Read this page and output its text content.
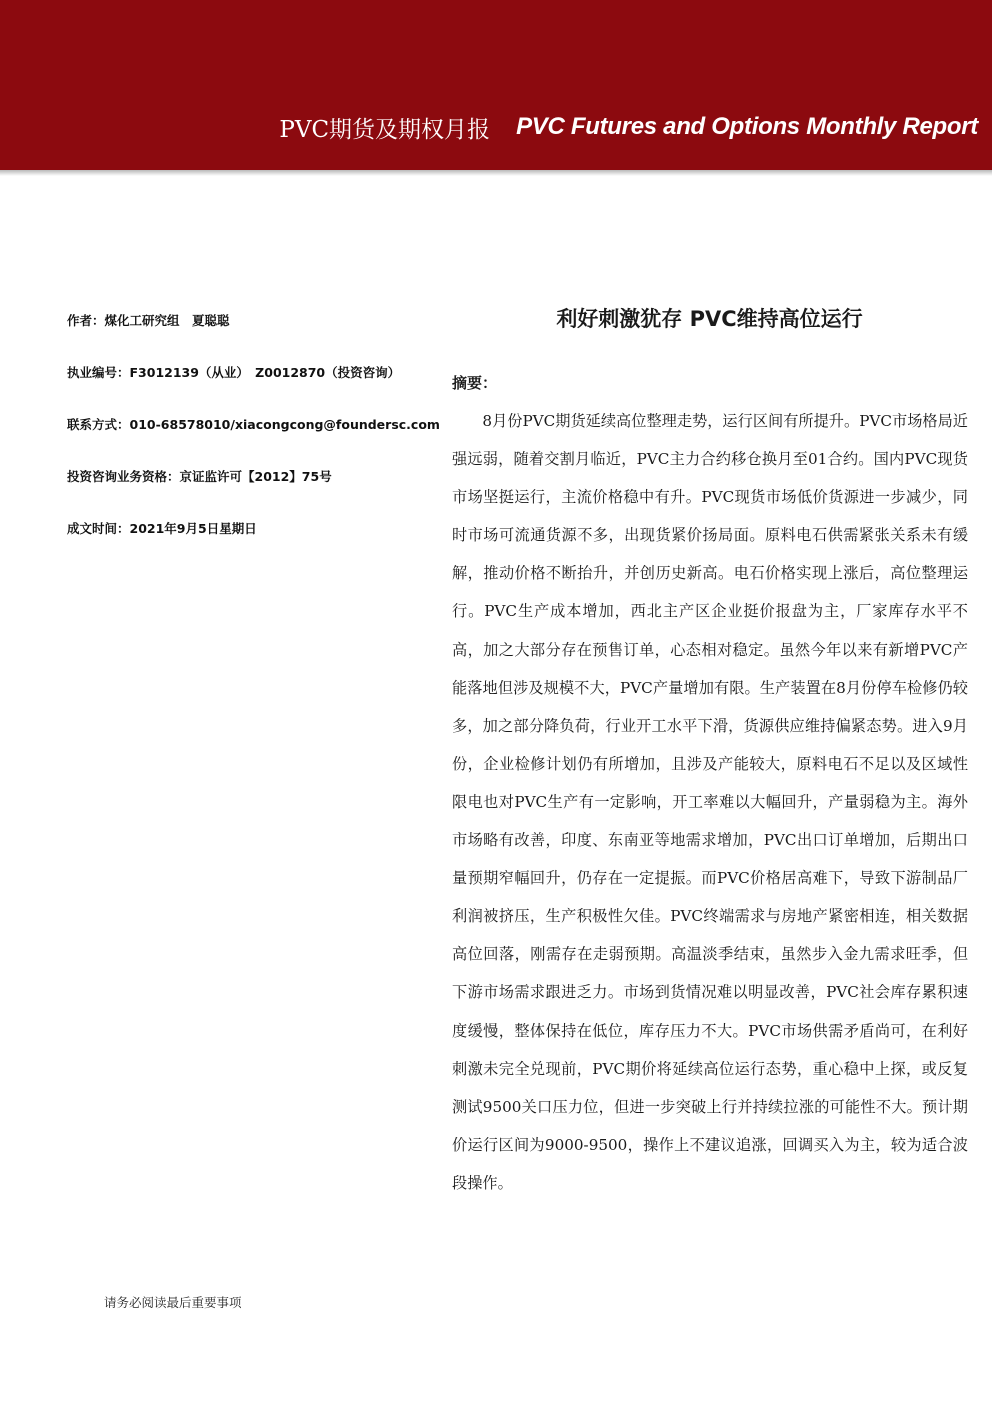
PVC期货及期权月报 PVC Futures and Options Monthly Report
作者：煤化工研究组　夏聪聪
执业编号：F3012139（从业）　Z0012870（投资咨询）
联系方式：010-68578010/xiacongcong@foundersc.com
投资咨询业务资格：京证监许可【2012】75号
成文时间：2021年9月5日星期日
利好刺激犹存 PVC维持高位运行
摘要：

8月份PVC期货延续高位整理走势，运行区间有所提升。PVC市场格局近强远弱，随着交割月临近，PVC主力合约移仓换月至01合约。国内PVC现货市场坚挺运行，主流价格稳中有升。PVC现货市场低价货源进一步减少，同时市场可流通货源不多，出现货紧价扬局面。原料电石供需紧张关系未有缓解，推动价格不断抬升，并创历史新高。电石价格实现上涨后，高位整理运行。PVC生产成本增加，西北主产区企业挺价报盘为主，厂家库存水平不高，加之大部分存在预售订单，心态相对稳定。虽然今年以来有新增PVC产能落地但涉及规模不大，PVC产量增加有限。生产装置在8月份停车检修仍较多，加之部分降负荷，行业开工水平下滑，货源供应维持偏紧态势。进入9月份，企业检修计划仍有所增加，且涉及产能较大，原料电石不足以及区域性限电也对PVC生产有一定影响，开工率难以大幅回升，产量弱稳为主。海外市场略有改善，印度、东南亚等地需求增加，PVC出口订单增加，后期出口量预期窄幅回升，仍存在一定提振。而PVC价格居高难下，导致下游制品厂利润被挤压，生产积极性欠佳。PVC终端需求与房地产紧密相连，相关数据高位回落，刚需存在走弱预期。高温淡季结束，虽然步入金九需求旺季，但下游市场需求跟进乏力。市场到货情况难以明显改善，PVC社会库存累积速度缓慢，整体保持在低位，库存压力不大。PVC市场供需矛盾尚可，在利好刺激未完全兑现前，PVC期价将延续高位运行态势，重心稳中上探，或反复测试9500关口压力位，但进一步突破上行并持续拉涨的可能性不大。预计期价运行区间为9000-9500，操作上不建议追涨，回调买入为主，较为适合波段操作。

请务必阅读最后重要事项
